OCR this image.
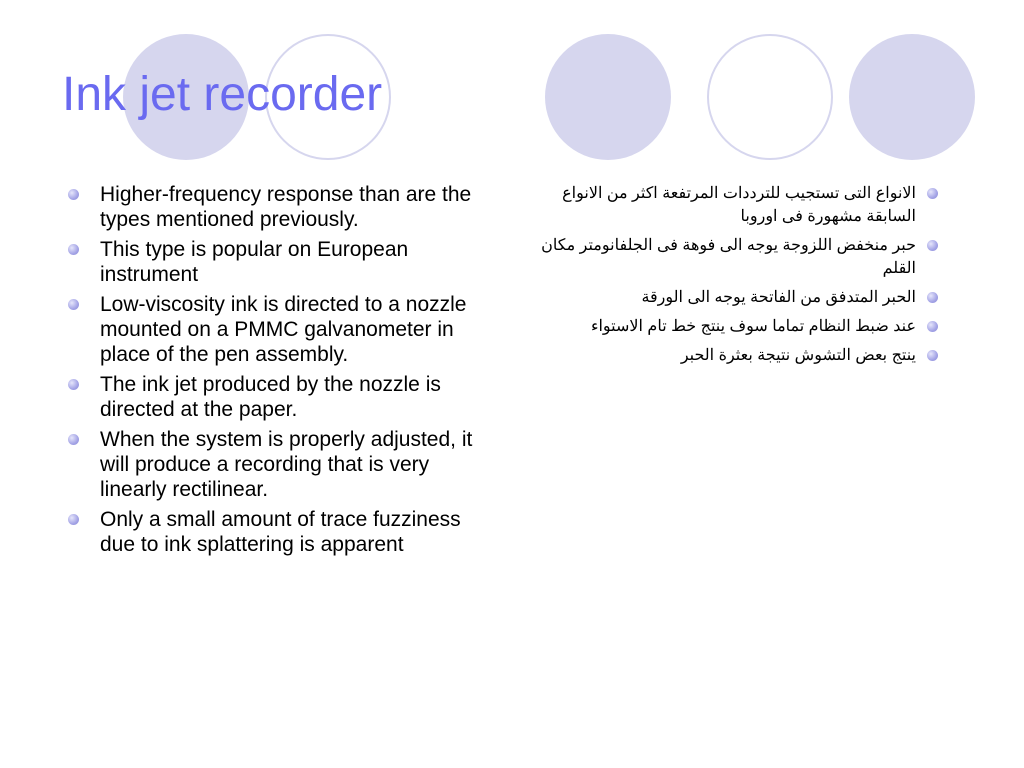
Ink jet recorder
Higher-frequency response than are the types mentioned previously.
This type is popular on European instrument
Low-viscosity ink is directed to a nozzle mounted on a PMMC galvanometer in place of the pen assembly.
The ink jet produced by the nozzle is directed at the paper.
When the system is properly adjusted, it will produce a recording that is very linearly rectilinear.
Only a small amount of trace fuzziness due to ink splattering is apparent
الانواع التى تستجيب للترددات المرتفعة اكثر من الانواع السابقة مشهورة فى اوروبا
حبر منخفض اللزوجة يوجه الى فوهة فى الجلفانومتر مكان القلم
الحبر المتدفق من الفاتحة يوجه الى الورقة
عند ضبط النظام تماما سوف ينتج خط تام الاستواء
ينتج بعض التشوش نتيجة بعثرة الحبر
